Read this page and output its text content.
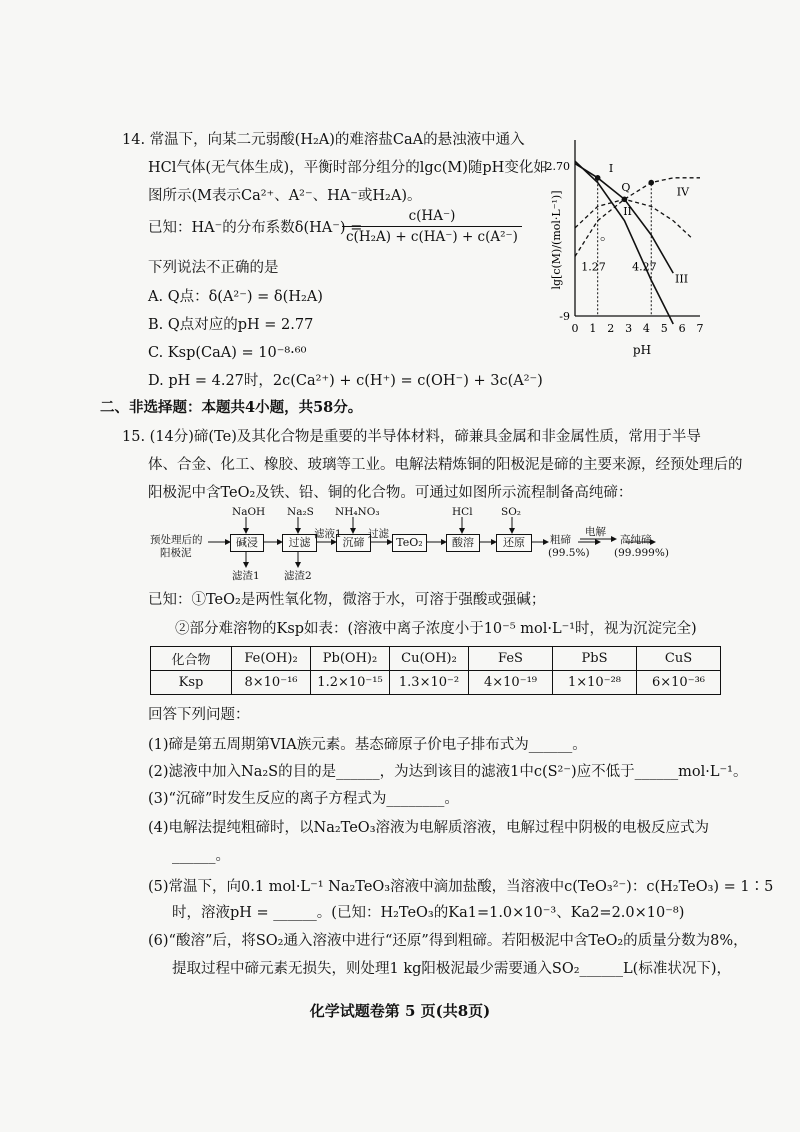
14. 常温下，向某二元弱酸(H₂A)的难溶盐CaA的悬浊液中通入
HCl气体(无气体生成)，平衡时部分组分的lgc(M)随pH变化如
图所示(M表示Ca²⁺、A²⁻、HA⁻或H₂A)。
已知：HA⁻的分布系数δ(HA⁻) =
c(HA⁻)
c(H₂A) + c(HA⁻) + c(A²⁻)	。
下列说法不正确的是
A. Q点：δ(A²⁻) = δ(H₂A)
B. Q点对应的pH = 2.77
C. Ksp(CaA) = 10⁻⁸·⁶⁰
D. pH = 4.27时，2c(Ca²⁺) + c(H⁺) = c(OH⁻) + 3c(A²⁻)
lg[c(M)/(mol·L⁻¹)]
pH
0 1 2 3 4 5 6 7
-2.70
-9
I
Q
II
IV
III
1.27 4.27
二、非选择题：本题共4小题，共58分。
15. (14分)碲(Te)及其化合物是重要的半导体材料，碲兼具金属和非金属性质，常用于半导
体、合金、化工、橡胶、玻璃等工业。电解法精炼铜的阳极泥是碲的主要来源，经预处理后的
阳极泥中含TeO₂及铁、铅、铜的化合物。可通过如图所示流程制备高纯碲：
预处理后的
阳极泥
NaOH Na₂S NH₄NO₃	HCl	SO₂
碱浸	过滤	沉碲	TeO₂	酸溶	还原
滤液1	过滤
滤渣1 滤渣2
粗碲
(99.5%)
电解
高纯碲
(99.999%)
已知：①TeO₂是两性氧化物，微溶于水，可溶于强酸或强碱；
②部分难溶物的Ksp如表：(溶液中离子浓度小于10⁻⁵ mol·L⁻¹时，视为沉淀完全)
化合物	Fe(OH)₂	Pb(OH)₂	Cu(OH)₂	FeS	PbS	CuS
Ksp	8×10⁻¹⁶	1.2×10⁻¹⁵	1.3×10⁻²	4×10⁻¹⁹	1×10⁻²⁸	6×10⁻³⁶
回答下列问题：
(1)碲是第五周期第VIA族元素。基态碲原子价电子排布式为______。
(2)滤液中加入Na₂S的目的是______，为达到该目的滤液1中c(S²⁻)应不低于______mol·L⁻¹。
(3)“沉碲”时发生反应的离子方程式为________。
(4)电解法提纯粗碲时，以Na₂TeO₃溶液为电解质溶液，电解过程中阴极的电极反应式为
______。
(5)常温下，向0.1 mol·L⁻¹ Na₂TeO₃溶液中滴加盐酸，当溶液中c(TeO₃²⁻)：c(H₂TeO₃) = 1∶5
时，溶液pH = ______。(已知：H₂TeO₃的Ka1=1.0×10⁻³、Ka2=2.0×10⁻⁸)
(6)“酸溶”后，将SO₂通入溶液中进行“还原”得到粗碲。若阳极泥中含TeO₂的质量分数为8%，
提取过程中碲元素无损失，则处理1 kg阳极泥最少需要通入SO₂______L(标准状况下)，
化学试题卷第 5 页(共8页)
